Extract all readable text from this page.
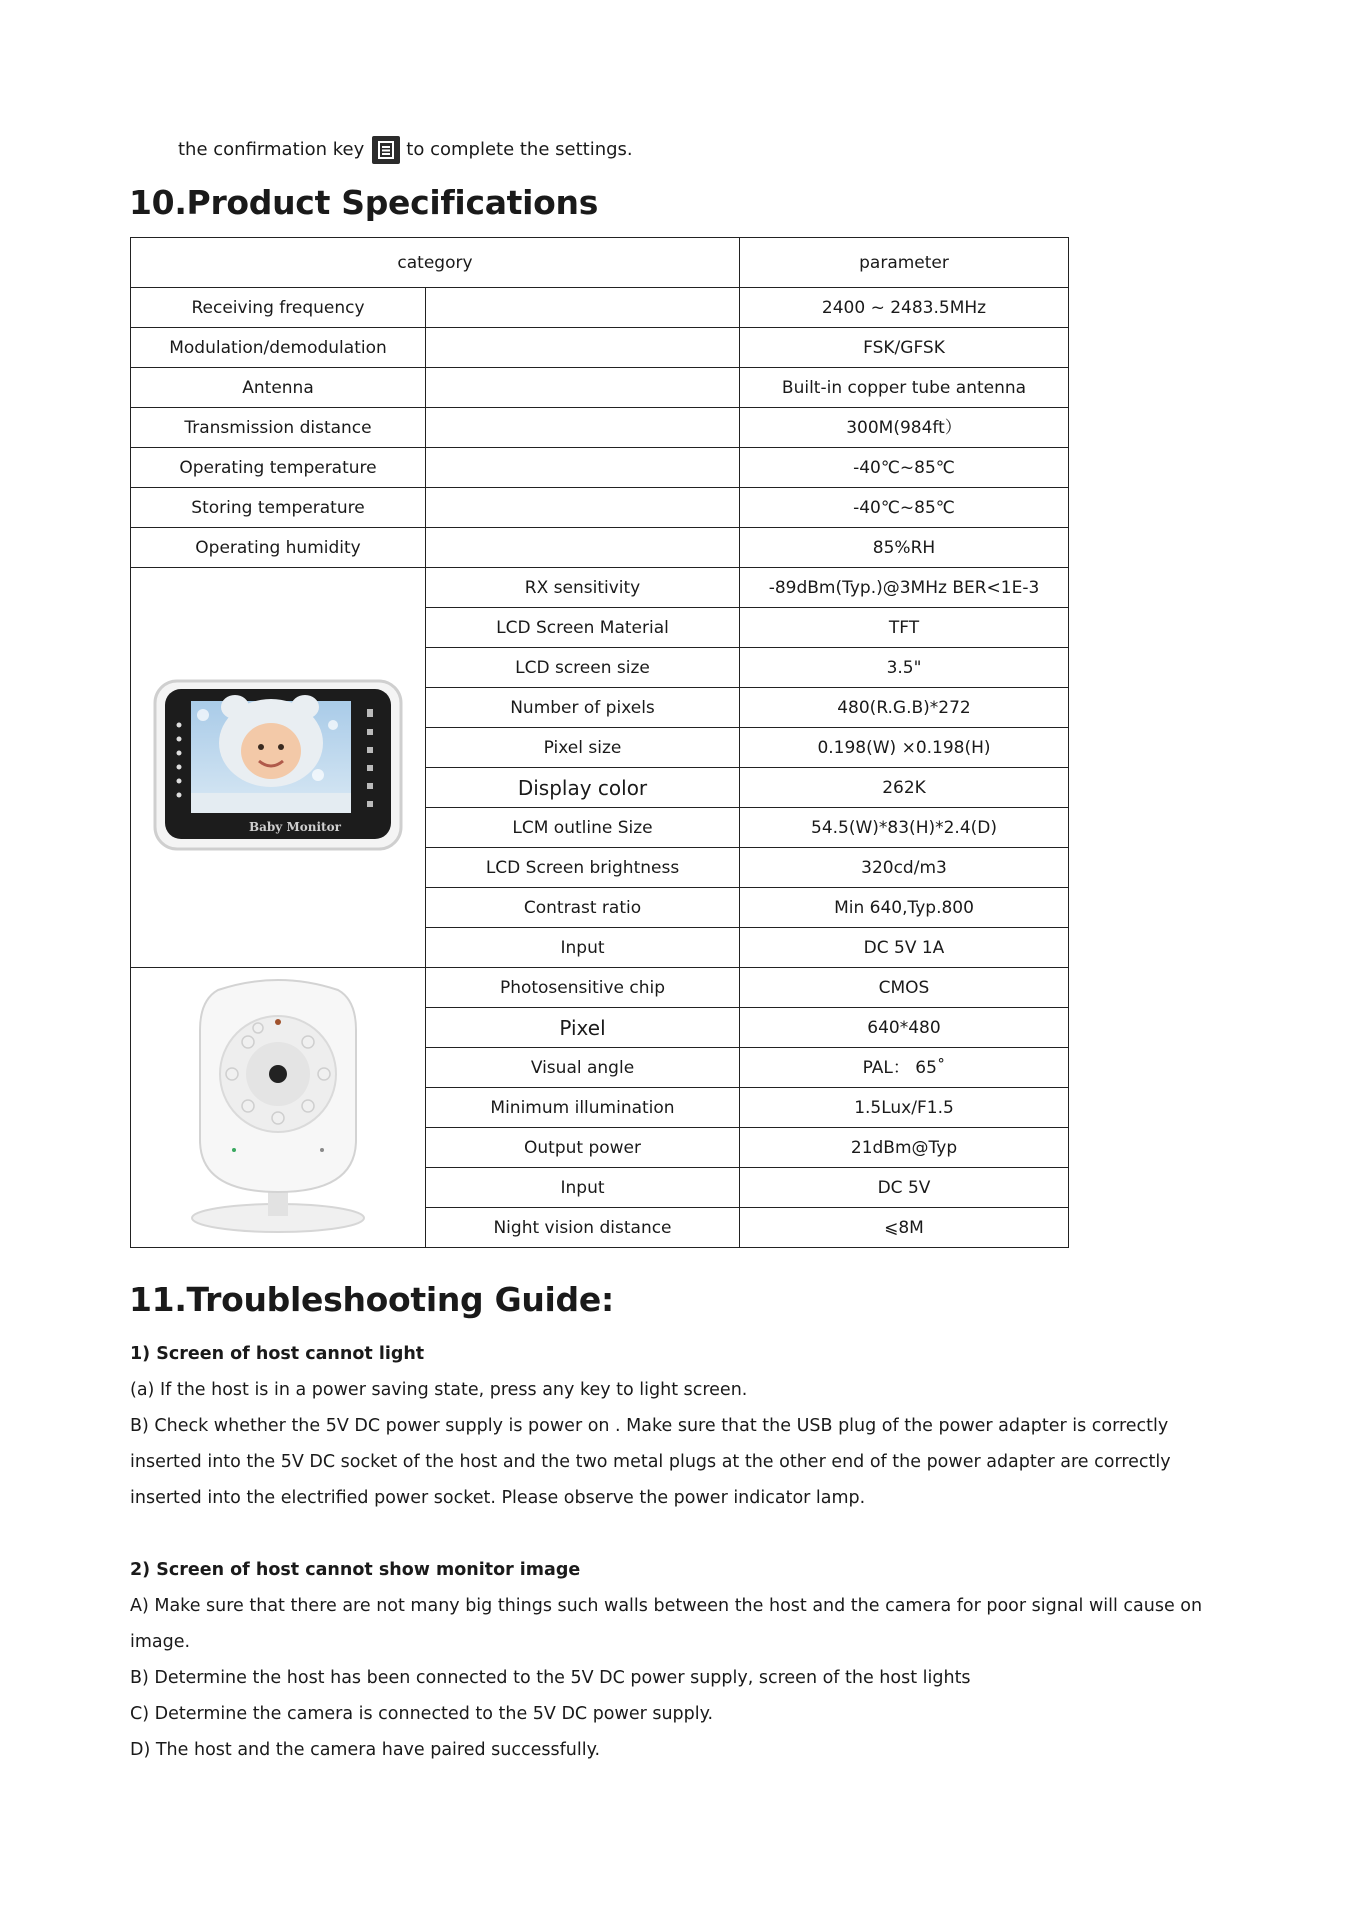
the confirmation key to complete the settings.
10.Product Specifications
category		parameter
Receiving frequency		2400 ~ 2483.5MHz
Modulation/demodulation		FSK/GFSK
Antenna		Built-in copper tube antenna
Transmission distance		300M(984ft）
Operating temperature		-40℃~85℃
Storing temperature		-40℃~85℃
Operating humidity		85%RH

Baby Monitor	RX sensitivity	-89dBm(Typ.)@3MHz BER<1E-3
	LCD Screen Material	TFT
	LCD screen size	3.5"
	Number of pixels	480(R.G.B)*272
	Pixel size	0.198(W) ×0.198(H)
	Display color	262K
	LCM outline Size	54.5(W)*83(H)*2.4(D)
	LCD Screen brightness	320cd/m3
	Contrast ratio	Min 640,Typ.800
	Input	DC 5V 1A
	Photosensitive chip	CMOS
	Pixel	640*480
	Visual angle	PAL： 65˚
	Minimum illumination	1.5Lux/F1.5
	Output power	21dBm@Typ
	Input	DC 5V
	Night vision distance	⩽8M
11.Troubleshooting Guide:

1) Screen of host cannot light

(a) If the host is in a power saving state, press any key to light screen.

B) Check whether the 5V DC power supply is power on . Make sure that the USB plug of the power adapter is correctly inserted into the 5V DC socket of the host and the two metal plugs at the other end of the power adapter are correctly inserted into the electrified power socket. Please observe the power indicator lamp.

2) Screen of host cannot show monitor image

A) Make sure that there are not many big things such walls between the host and the camera for poor signal will cause on image.

B) Determine the host has been connected to the 5V DC power supply, screen of the host lights

C) Determine the camera is connected to the 5V DC power supply.

D) The host and the camera have paired successfully.
